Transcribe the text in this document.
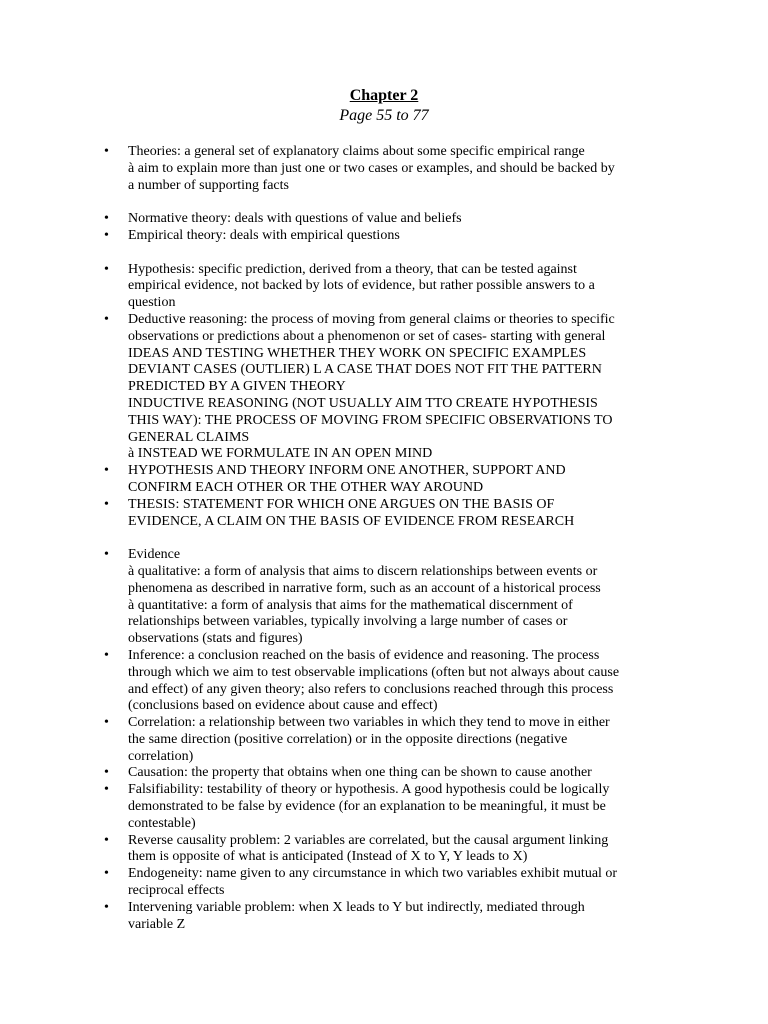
Chapter 2
Page 55 to 77
• Theories: a general set of explanatory claims about some specific empirical range
à aim to explain more than just one or two cases or examples, and should be backed by
a number of supporting facts
• Normative theory: deals with questions of value and beliefs
• Empirical theory: deals with empirical questions
• Hypothesis: specific prediction, derived from a theory, that can be tested against
empirical evidence, not backed by lots of evidence, but rather possible answers to a
question
• Deductive reasoning: the process of moving from general claims or theories to specific
observations or predictions about a phenomenon or set of cases- starting with general
IDEAS AND TESTING WHETHER THEY WORK ON SPECIFIC EXAMPLES
DEVIANT CASES (OUTLIER) L A CASE THAT DOES NOT FIT THE PATTERN
PREDICTED BY A GIVEN THEORY
INDUCTIVE REASONING (NOT USUALLY AIM TTO CREATE HYPOTHESIS
THIS WAY): THE PROCESS OF MOVING FROM SPECIFIC OBSERVATIONS TO
GENERAL CLAIMS
à INSTEAD WE FORMULATE IN AN OPEN MIND
• HYPOTHESIS AND THEORY INFORM ONE ANOTHER, SUPPORT AND
CONFIRM EACH OTHER OR THE OTHER WAY AROUND
• THESIS: STATEMENT FOR WHICH ONE ARGUES ON THE BASIS OF
EVIDENCE, A CLAIM ON THE BASIS OF EVIDENCE FROM RESEARCH
• Evidence
à qualitative: a form of analysis that aims to discern relationships between events or
phenomena as described in narrative form, such as an account of a historical process
à quantitative: a form of analysis that aims for the mathematical discernment of
relationships between variables, typically involving a large number of cases or
observations (stats and figures)
• Inference: a conclusion reached on the basis of evidence and reasoning. The process
through which we aim to test observable implications (often but not always about cause
and effect) of any given theory; also refers to conclusions reached through this process
(conclusions based on evidence about cause and effect)
• Correlation: a relationship between two variables in which they tend to move in either
the same direction (positive correlation) or in the opposite directions (negative
correlation)
• Causation: the property that obtains when one thing can be shown to cause another
• Falsifiability: testability of theory or hypothesis. A good hypothesis could be logically
demonstrated to be false by evidence (for an explanation to be meaningful, it must be
contestable)
• Reverse causality problem: 2 variables are correlated, but the causal argument linking
them is opposite of what is anticipated (Instead of X to Y, Y leads to X)
• Endogeneity: name given to any circumstance in which two variables exhibit mutual or
reciprocal effects
• Intervening variable problem: when X leads to Y but indirectly, mediated through
variable Z
